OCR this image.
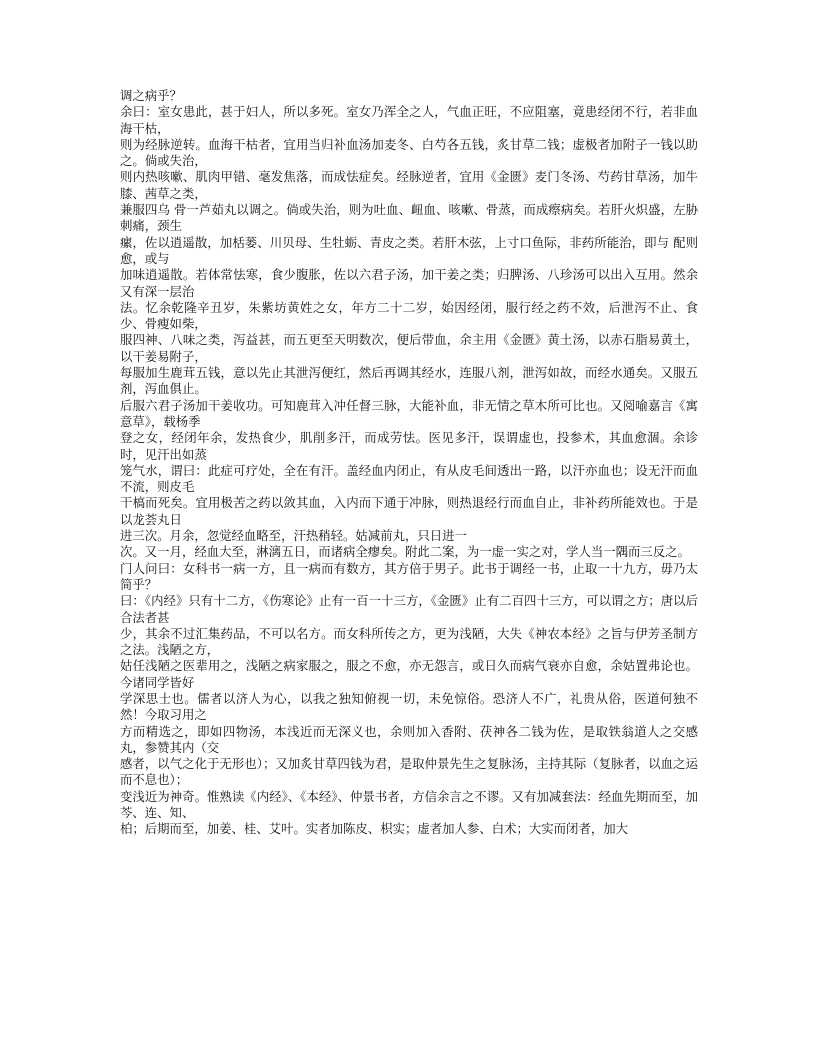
调之病乎？

余曰：室女患此，甚于妇人，所以多死。室女乃浑全之人，气血正旺，不应阻塞，竟患经闭不行，若非血海干枯，

则为经脉逆转。血海干枯者，宜用当归补血汤加麦冬、白芍各五钱，炙甘草二钱；虚极者加附子一钱以助之。倘或失治，

则内热咳嗽、肌肉甲错、毫发焦落，而成怯症矣。经脉逆者，宜用《金匮》麦门冬汤、芍药甘草汤，加牛膝、茜草之类，

兼服四乌 骨一芦茹丸以调之。倘或失治，则为吐血、衄血、咳嗽、骨蒸，而成瘵病矣。若肝火炽盛，左胁刺痛，颈生

瘰，佐以逍遥散，加栝蒌、川贝母、生牡蛎、青皮之类。若肝木弦，上寸口鱼际，非药所能治，即与 配则愈，或与

加味逍遥散。若体常怯寒，食少腹胀，佐以六君子汤，加干姜之类；归脾汤、八珍汤可以出入互用。然余又有深一层治

法。忆余乾隆辛丑岁，朱紫坊黄姓之女，年方二十二岁，始因经闭，服行经之药不效，后泄泻不止、食少、骨瘦如柴，

服四神、八味之类，泻益甚，而五更至天明数次，便后带血，余主用《金匮》黄土汤，以赤石脂易黄土，以干姜易附子，

每服加生鹿茸五钱，意以先止其泄泻便红，然后再调其经水，连服八剂，泄泻如故，而经水通矣。又服五剂，泻血俱止。

后服六君子汤加干姜收功。可知鹿茸入冲任督三脉，大能补血，非无情之草木所可比也。又阅喻嘉言《寓意草》，载杨季

登之女，经闭年余，发热食少，肌削多汗，而成劳怯。医见多汗，误谓虚也，投参术，其血愈涸。余诊时，见汗出如蒸

笼气水，谓曰：此症可疗处，全在有汗。盖经血内闭止，有从皮毛间透出一路，以汗亦血也；设无汗而血不流，则皮毛

干槁而死矣。宜用极苦之药以敛其血，入内而下通于冲脉，则热退经行而血自止，非补药所能效也。于是以龙荟丸日

进三次。月余，忽觉经血略至，汗热稍轻。姑减前丸，只日进一

次。又一月，经血大至，淋漓五日，而诸病全瘳矣。附此二案，为一虚一实之对，学人当一隅而三反之。

门人问曰：女科书一病一方，且一病而有数方，其方倍于男子。此书于调经一书，止取一十九方，毋乃太简乎？

曰：《内经》只有十二方，《伤寒论》止有一百一十三方，《金匮》止有二百四十三方，可以谓之方；唐以后合法者甚

少，其余不过汇集药品，不可以名方。而女科所传之方，更为浅陋，大失《神农本经》之旨与伊芳圣制方之法。浅陋之方，

姑任浅陋之医辈用之，浅陋之病家服之，服之不愈，亦无怨言，或日久而病气衰亦自愈，余姑置弗论也。今诸同学皆好

学深思士也。儒者以济人为心，以我之独知俯视一切，未免惊俗。恐济人不广，礼贵从俗，医道何独不然！今取习用之

方而精选之，即如四物汤，本浅近而无深义也，余则加入香附、茯神各二钱为佐，是取铁翁道人之交感丸，参赞其内（交

感者，以气之化于无形也）；又加炙甘草四钱为君，是取仲景先生之复脉汤，主持其际（复脉者，以血之运而不息也）；

变浅近为神奇。惟熟读《内经》、《本经》、仲景书者，方信余言之不谬。又有加减套法：经血先期而至，加芩、连、知、

柏；后期而至，加姜、桂、艾叶。实者加陈皮、枳实；虚者加人参、白术；大实而闭者，加大
